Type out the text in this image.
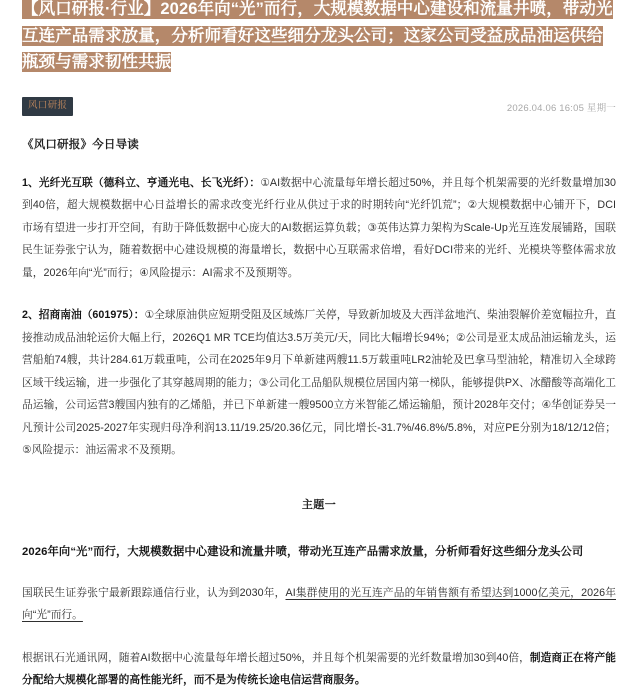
【风口研报·行业】2026年向“光”而行，大规模数据中心建设和流量井喷，带动光互连产品需求放量，分析师看好这些细分龙头公司；这家公司受益成品油运供给瓶颈与需求韧性共振
风口研报	2026.04.06 16:05 星期一
《风口研报》今日导读

1、光纤光互联（德科立、亨通光电、长飞光纤）：①AI数据中心流量每年增长超过50%，并且每个机架需要的光纤数量增加30到40倍，超大规模数据中心日益增长的需求改变光纤行业从供过于求的时期转向“光纤饥荒”；②大规模数据中心铺开下，DCI市场有望进一步打开空间，有助于降低数据中心庞大的AI数据运算负载；③英伟达算力架构为Scale-Up光互连发展铺路，国联民生证券张宁认为，随着数据中心建设规模的海量增长，数据中心互联需求倍增，看好DCI带来的光纤、光模块等整体需求放量，2026年向“光”而行；④风险提示：AI需求不及预期等。

2、招商南油（601975）：①全球原油供应短期受阻及区域炼厂关停，导致新加坡及大西洋盆地汽、柴油裂解价差宽幅拉升，直接推动成品油轮运价大幅上行，2026Q1 MR TCE均值达3.5万美元/天，同比大幅增长94%；②公司是亚太成品油运输龙头，运营船舶74艘，共计284.61万载重吨，公司在2025年9月下单新建两艘11.5万载重吨LR2油轮及巴拿马型油轮，精准切入全球跨区域干线运输，进一步强化了其穿越周期的能力；③公司化工品船队规模位居国内第一梯队，能够提供PX、冰醋酸等高端化工品运输，公司运营3艘国内独有的乙烯船，并已下单新建一艘9500立方米智能乙烯运输船，预计2028年交付；④华创证券吴一凡预计公司2025-2027年实现归母净利润13.11/19.25/20.36亿元，同比增长-31.7%/46.8%/5.8%，对应PE分别为18/12/12倍；⑤风险提示：油运需求不及预期。

主题一
2026年向“光”而行，大规模数据中心建设和流量井喷，带动光互连产品需求放量，分析师看好这些细分龙头公司

国联民生证券张宁最新跟踪通信行业，认为到2030年，AI集群使用的光互连产品的年销售额有希望达到1000亿美元，2026年向“光”而行。

根据讯石光通讯网，随着AI数据中心流量每年增长超过50%，并且每个机架需要的光纤数量增加30到40倍，制造商正在将产能分配给大规模化部署的高性能光纤，而不是为传统长途电信运营商服务。
